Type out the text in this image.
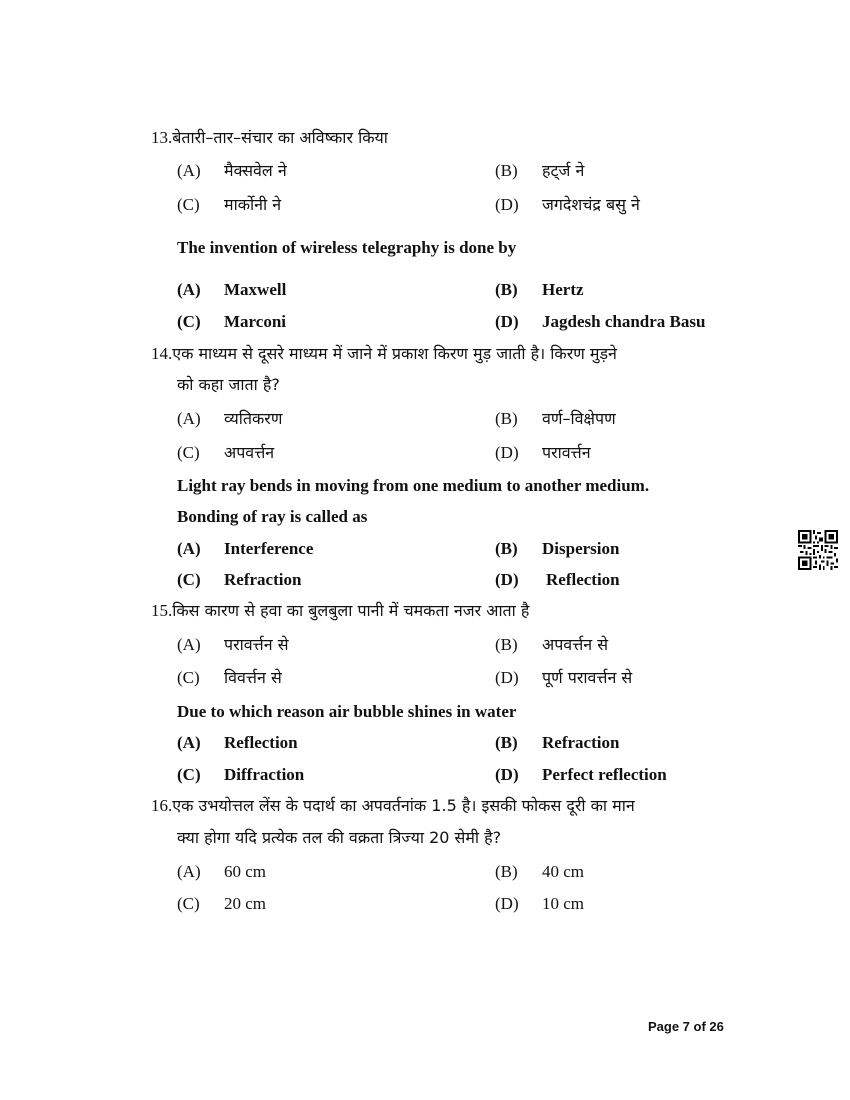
13.बेतारी–तार–संचार का अविष्कार किया
(A) मैक्सवेल ने	(B) हट्‌र्ज ने
(C) मार्कोनी ने	(D) जगदेशचंद्र बसु ने
The invention of wireless telegraphy is done by
(A) Maxwell	(B) Hertz
(C) Marconi	(D) Jagdesh chandra Basu
14.एक माध्यम से दूसरे माध्यम में जाने में प्रकाश किरण मुड़ जाती है। किरण मुड़ने
को कहा जाता है?
(A) व्यतिकरण	(B) वर्ण–विक्षेपण
(C) अपवर्त्तन	(D) परावर्त्तन
Light ray bends in moving from one medium to another medium.
Bonding of ray is called as
(A) Interference	(B) Dispersion
(C) Refraction	(D) Reflection
15.किस कारण से हवा का बुलबुला पानी में चमकता नजर आता है
(A) परावर्त्तन से	(B) अपवर्त्तन से
(C) विवर्त्तन से	(D) पूर्ण परावर्त्तन से
Due to which reason air bubble shines in water
(A) Reflection	(B) Refraction
(C) Diffraction	(D) Perfect reflection
16.एक उभयोत्तल लेंस के पदार्थ का अपवर्तनांक 1.5 है। इसकी फोकस दूरी का मान
क्या होगा यदि प्रत्येक तल की वक्रता त्रिज्या 20 सेमी है?
(A) 60 cm	(B) 40 cm
(C) 20 cm	(D) 10 cm
Page 7 of 26
